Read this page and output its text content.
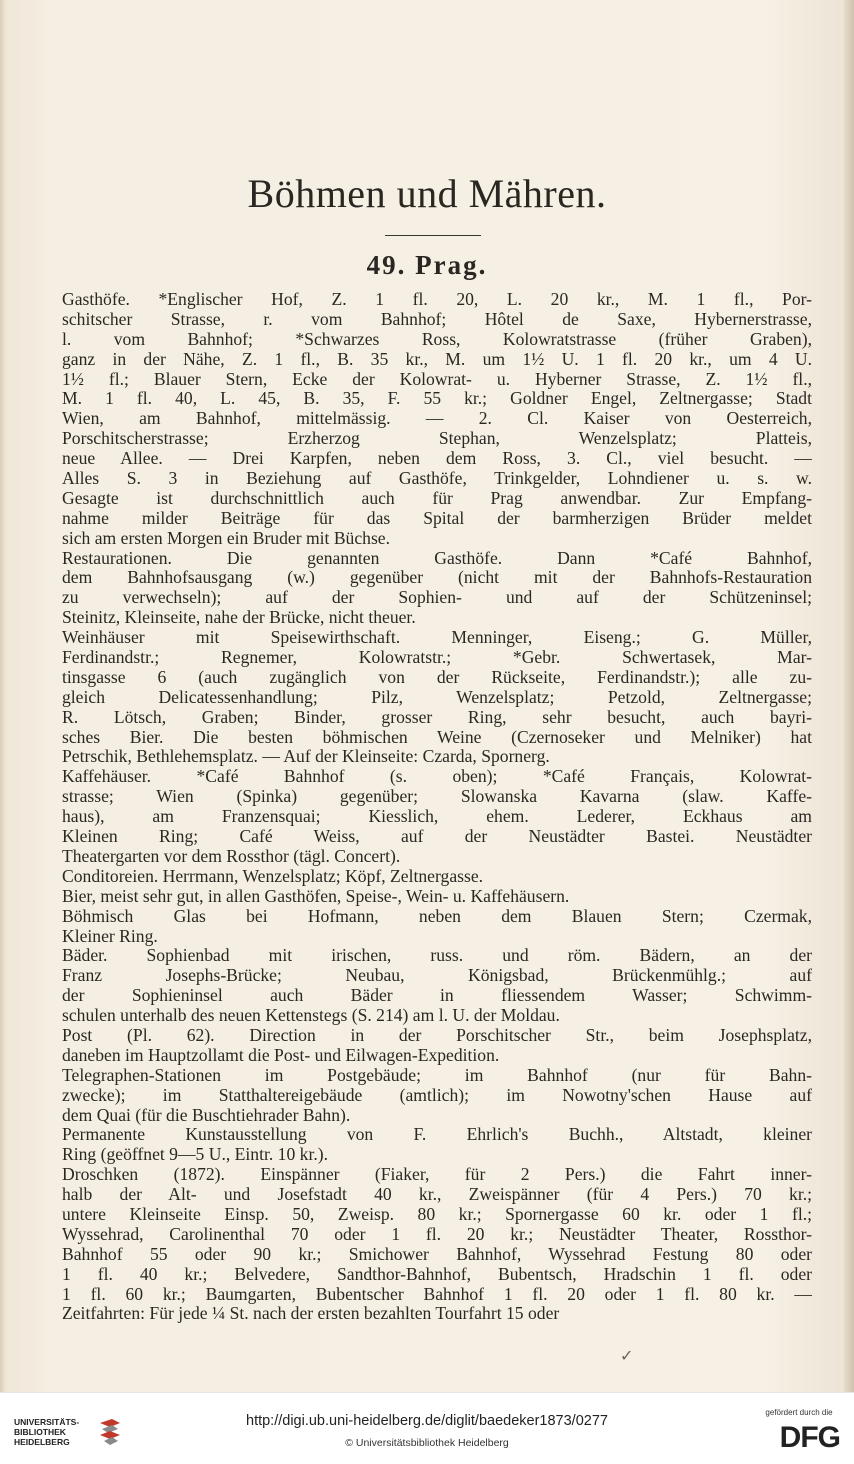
Böhmen und Mähren.
49. Prag.
Gasthöfe. *Englischer Hof, Z. 1 fl. 20, L. 20 kr., M. 1 fl., Por-
schitscher Strasse, r. vom Bahnhof; Hôtel de Saxe, Hybernerstrasse,
l. vom Bahnhof; *Schwarzes Ross, Kolowratstrasse (früher Graben),
ganz in der Nähe, Z. 1 fl., B. 35 kr., M. um 1½ U. 1 fl. 20 kr., um 4 U.
1½ fl.; Blauer Stern, Ecke der Kolowrat- u. Hyberner Strasse, Z. 1½ fl.,
M. 1 fl. 40, L. 45, B. 35, F. 55 kr.; Goldner Engel, Zeltnergasse; Stadt
Wien, am Bahnhof, mittelmässig. — 2. Cl. Kaiser von Oesterreich,
Porschitscherstrasse; Erzherzog Stephan, Wenzelsplatz; Platteis,
neue Allee. — Drei Karpfen, neben dem Ross, 3. Cl., viel besucht. —
Alles S. 3 in Beziehung auf Gasthöfe, Trinkgelder, Lohndiener u. s. w.
Gesagte ist durchschnittlich auch für Prag anwendbar. Zur Empfang-
nahme milder Beiträge für das Spital der barmherzigen Brüder meldet
sich am ersten Morgen ein Bruder mit Büchse.
Restaurationen. Die genannten Gasthöfe. Dann *Café Bahnhof,
dem Bahnhofsausgang (w.) gegenüber (nicht mit der Bahnhofs-Restauration
zu verwechseln); auf der Sophien- und auf der Schützeninsel;
Steinitz, Kleinseite, nahe der Brücke, nicht theuer.
Weinhäuser mit Speisewirthschaft. Menninger, Eiseng.; G. Müller,
Ferdinandstr.; Regnemer, Kolowratstr.; *Gebr. Schwertasek, Mar-
tinsgasse 6 (auch zugänglich von der Rückseite, Ferdinandstr.); alle zu-
gleich Delicatessenhandlung; Pilz, Wenzelsplatz; Petzold, Zeltnergasse;
R. Lötsch, Graben; Binder, grosser Ring, sehr besucht, auch bayri-
sches Bier. Die besten böhmischen Weine (Czernoseker und Melniker) hat
Petrschik, Bethlehemsplatz. — Auf der Kleinseite: Czarda, Spornerg.
Kaffehäuser. *Café Bahnhof (s. oben); *Café Français, Kolowrat-
strasse; Wien (Spinka) gegenüber; Slowanska Kavarna (slaw. Kaffe-
haus), am Franzensquai; Kiesslich, ehem. Lederer, Eckhaus am
Kleinen Ring; Café Weiss, auf der Neustädter Bastei. Neustädter
Theatergarten vor dem Rossthor (tägl. Concert).
Conditoreien. Herrmann, Wenzelsplatz; Köpf, Zeltnergasse.
Bier, meist sehr gut, in allen Gasthöfen, Speise-, Wein- u. Kaffehäusern.
Böhmisch Glas bei Hofmann, neben dem Blauen Stern; Czermak,
Kleiner Ring.
Bäder. Sophienbad mit irischen, russ. und röm. Bädern, an der
Franz Josephs-Brücke; Neubau, Königsbad, Brückenmühlg.; auf
der Sophieninsel auch Bäder in fliessendem Wasser; Schwimm-
schulen unterhalb des neuen Kettenstegs (S. 214) am l. U. der Moldau.
Post (Pl. 62). Direction in der Porschitscher Str., beim Josephsplatz,
daneben im Hauptzollamt die Post- und Eilwagen-Expedition.
Telegraphen-Stationen im Postgebäude; im Bahnhof (nur für Bahn-
zwecke); im Statthaltereigebäude (amtlich); im Nowotny'schen Hause auf
dem Quai (für die Buschtiehrader Bahn).
Permanente Kunstausstellung von F. Ehrlich's Buchh., Altstadt, kleiner
Ring (geöffnet 9—5 U., Eintr. 10 kr.).
Droschken (1872). Einspänner (Fiaker, für 2 Pers.) die Fahrt inner-
halb der Alt- und Josefstadt 40 kr., Zweispänner (für 4 Pers.) 70 kr.;
untere Kleinseite Einsp. 50, Zweisp. 80 kr.; Spornergasse 60 kr. oder 1 fl.;
Wyssehrad, Carolinenthal 70 oder 1 fl. 20 kr.; Neustädter Theater, Rossthor-
Bahnhof 55 oder 90 kr.; Smichower Bahnhof, Wyssehrad Festung 80 oder
1 fl. 40 kr.; Belvedere, Sandthor-Bahnhof, Bubentsch, Hradschin 1 fl. oder
1 fl. 60 kr.; Baumgarten, Bubentscher Bahnhof 1 fl. 20 oder 1 fl. 80 kr. —
Zeitfahrten: Für jede ¼ St. nach der ersten bezahlten Tourfahrt 15 oder
✓
UNIVERSITÄTS-
BIBLIOTHEK
HEIDELBERG
http://digi.ub.uni-heidelberg.de/diglit/baedeker1873/0277
© Universitätsbibliothek Heidelberg
gefördert durch die
DFG
